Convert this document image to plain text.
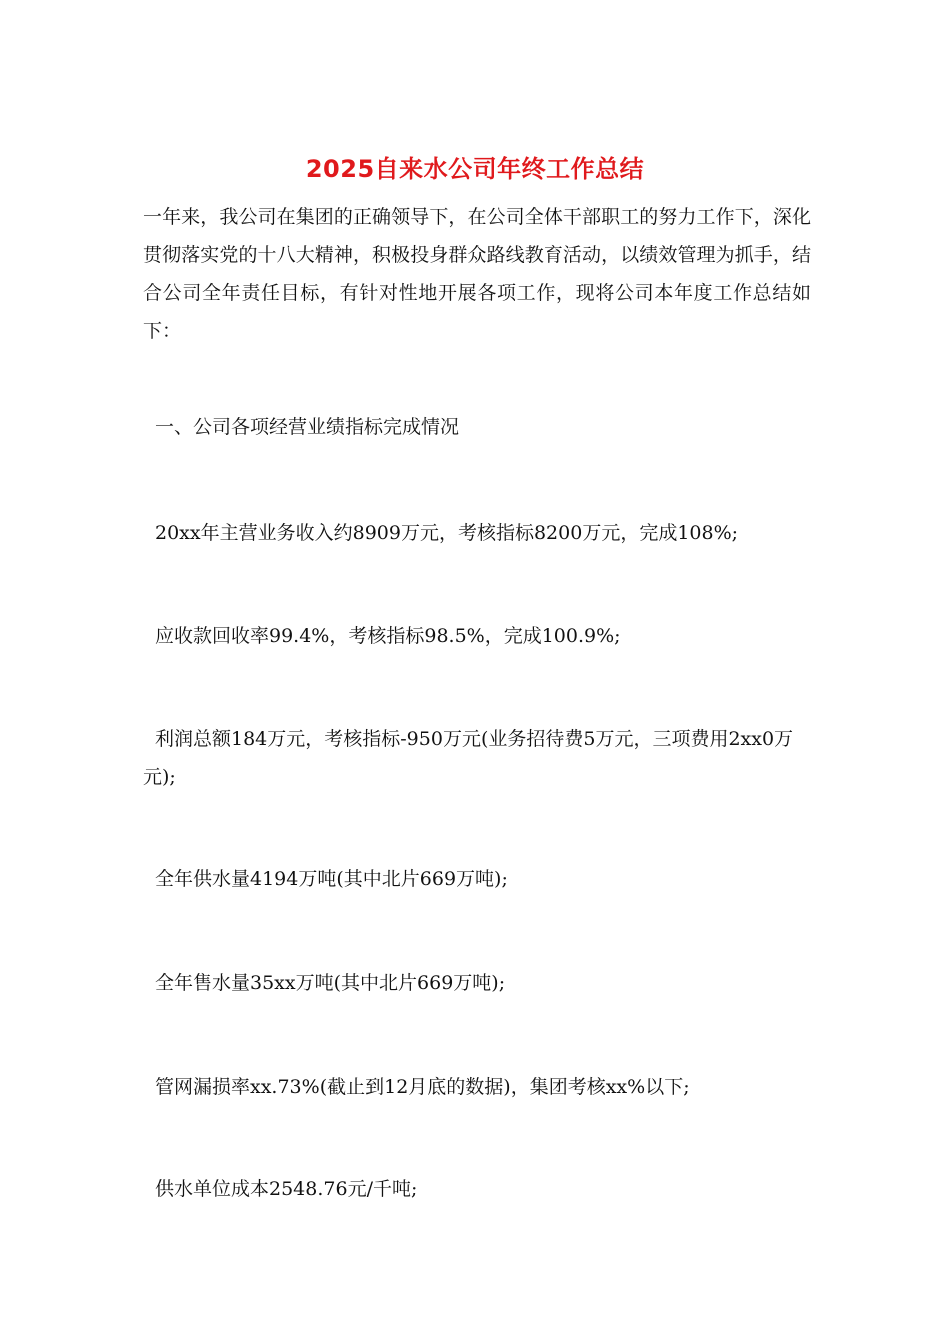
2025自来水公司年终工作总结

一年来，我公司在集团的正确领导下，在公司全体干部职工的努力工作下，深化贯彻落实党的十八大精神，积极投身群众路线教育活动，以绩效管理为抓手，结合公司全年责任目标，有针对性地开展各项工作，现将公司本年度工作总结如下：

一、公司各项经营业绩指标完成情况

20xx年主营业务收入约8909万元，考核指标8200万元，完成108%;

应收款回收率99.4%，考核指标98.5%，完成100.9%;

利润总额184万元，考核指标-950万元(业务招待费5万元，三项费用2xx0万元);

全年供水量4194万吨(其中北片669万吨);

全年售水量35xx万吨(其中北片669万吨);

管网漏损率xx.73%(截止到12月底的数据)，集团考核xx%以下;

供水单位成本2548.76元/千吨;
